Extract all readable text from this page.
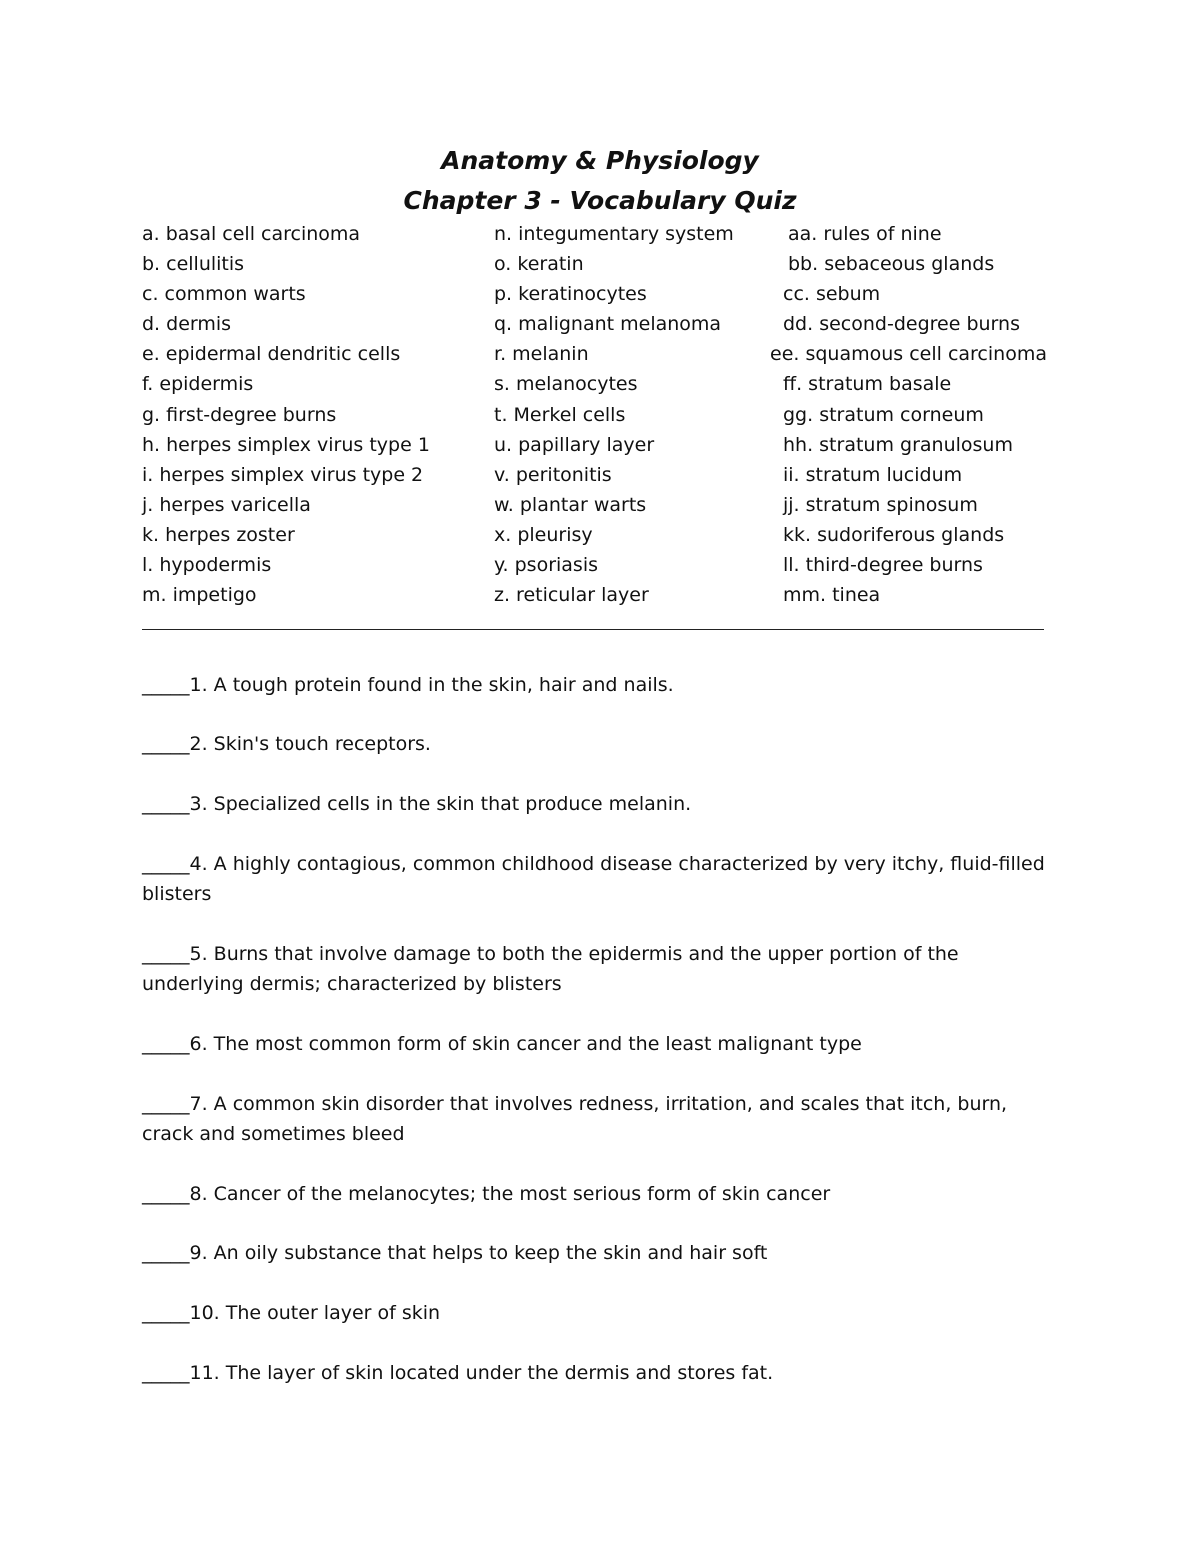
Anatomy & Physiology
Chapter 3 - Vocabulary Quiz
a. basal cell carcinoma
b. cellulitis
c. common warts
d. dermis
e. epidermal dendritic cells
f. epidermis
g. first-degree burns
h. herpes simplex virus type 1
i. herpes simplex virus type 2
j. herpes varicella
k. herpes zoster
l. hypodermis
m. impetigo
n. integumentary system
o. keratin
p. keratinocytes
q. malignant melanoma
r. melanin
s. melanocytes
t. Merkel cells
u. papillary layer
v. peritonitis
w. plantar warts
x. pleurisy
y. psoriasis
z. reticular layer
aa. rules of nine
bb. sebaceous glands
cc. sebum
dd. second-degree burns
ee. squamous cell carcinoma
ff. stratum basale
gg. stratum corneum
hh. stratum granulosum
ii. stratum lucidum
jj. stratum spinosum
kk. sudoriferous glands
ll. third-degree burns
mm. tinea
_____1. A tough protein found in the skin, hair and nails.
_____2. Skin's touch receptors.
_____3. Specialized cells in the skin that produce melanin.
_____4. A highly contagious, common childhood disease characterized by very itchy, fluid-filled blisters
_____5. Burns that involve damage to both the epidermis and the upper portion of the underlying dermis; characterized by blisters
_____6. The most common form of skin cancer and the least malignant type
_____7. A common skin disorder that involves redness, irritation, and scales that itch, burn, crack and sometimes bleed
_____8. Cancer of the melanocytes; the most serious form of skin cancer
_____9. An oily substance that helps to keep the skin and hair soft
_____10. The outer layer of skin
_____11. The layer of skin located under the dermis and stores fat.
